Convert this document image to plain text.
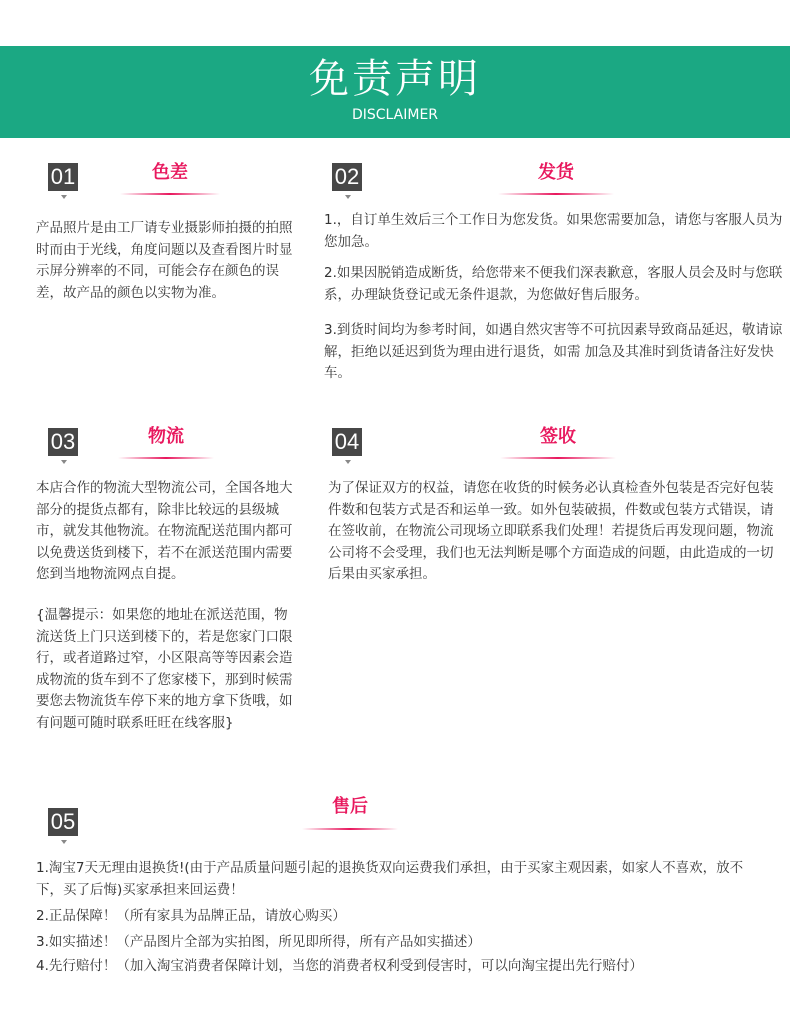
免责声明
DISCLAIMER
01	色差

产品照片是由工厂请专业摄影师拍摄的拍照时而由于光线，角度问题以及查看图片时显示屏分辨率的不同，可能会存在颜色的误差，故产品的颜色以实物为准。

02	发货

1.，自订单生效后三个工作日为您发货。如果您需要加急，请您与客服人员为您加急。

2.如果因脱销造成断货，给您带来不便我们深表歉意，客服人员会及时与您联系，办理缺货登记或无条件退款，为您做好售后服务。

3.到货时间均为参考时间，如遇自然灾害等不可抗因素导致商品延迟，敬请谅解，拒绝以延迟到货为理由进行退货，如需 加急及其准时到货请备注好发快车。

03	物流

本店合作的物流大型物流公司，全国各地大部分的提货点都有，除非比较远的县级城市，就发其他物流。在物流配送范围内都可以免费送货到楼下，若不在派送范围内需要您到当地物流网点自提。

{温馨提示：如果您的地址在派送范围，物流送货上门只送到楼下的，若是您家门口限行，或者道路过窄，小区限高等等因素会造成物流的货车到不了您家楼下，那到时候需要您去物流货车停下来的地方拿下货哦，如有问题可随时联系旺旺在线客服}

04	签收

为了保证双方的权益，请您在收货的时候务必认真检查外包装是否完好包装件数和包装方式是否和运单一致。如外包装破损，件数或包装方式错误，请在签收前，在物流公司现场立即联系我们处理！若提货后再发现问题，物流公司将不会受理，我们也无法判断是哪个方面造成的问题，由此造成的一切后果由买家承担。

05
售后

1.淘宝7天无理由退换货!(由于产品质量问题引起的退换货双向运费我们承担，由于买家主观因素，如家人不喜欢，放不下，买了后悔)买家承担来回运费！

2.正品保障！（所有家具为品牌正品，请放心购买）

3.如实描述！（产品图片全部为实拍图，所见即所得，所有产品如实描述）

4.先行赔付！（加入淘宝消费者保障计划，当您的消费者权利受到侵害时，可以向淘宝提出先行赔付）
